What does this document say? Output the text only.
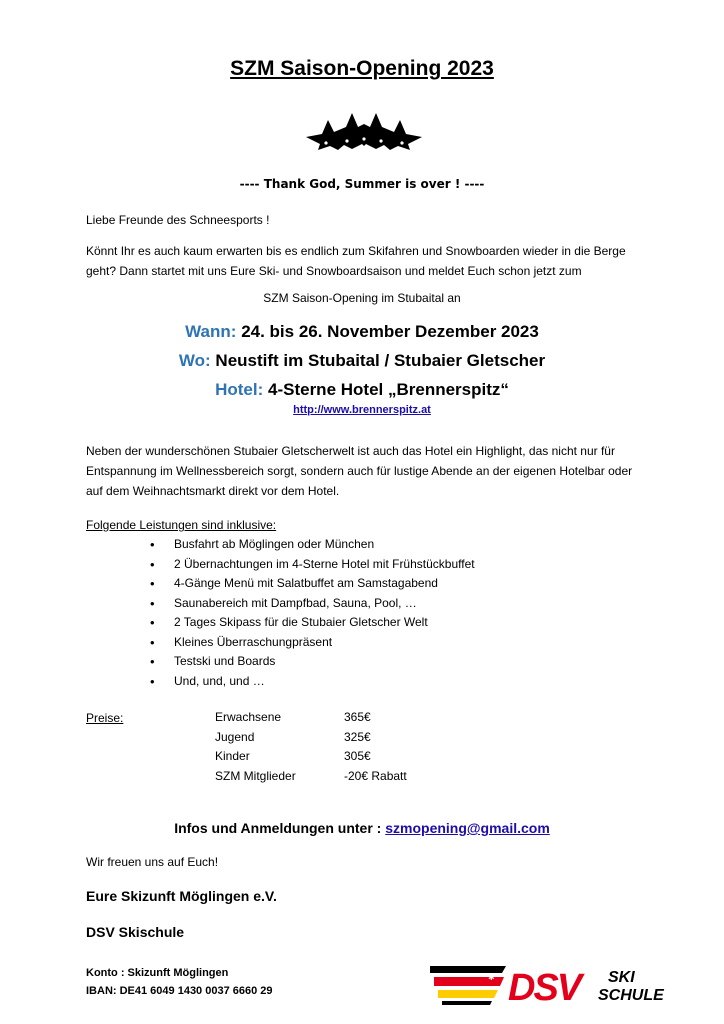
SZM Saison-Opening 2023
---- Thank God, Summer is over ! ----
Liebe Freunde des Schneesports !
Könnt Ihr es auch kaum erwarten bis es endlich zum Skifahren und Snowboarden wieder in die Berge geht? Dann startet mit uns Eure Ski- und Snowboardsaison und meldet Euch schon jetzt zum
SZM Saison-Opening im Stubaital an
Wann: 24. bis 26. November Dezember 2023
Wo: Neustift im Stubaital / Stubaier Gletscher
Hotel: 4-Sterne Hotel „Brennerspitz“
http://www.brennerspitz.at
Neben der wunderschönen Stubaier Gletscherwelt ist auch das Hotel ein Highlight, das nicht nur für Entspannung im Wellnessbereich sorgt, sondern auch für lustige Abende an der eigenen Hotelbar oder auf dem Weihnachtsmarkt direkt vor dem Hotel.
Folgende Leistungen sind inklusive:
• Busfahrt ab Möglingen oder München
• 2 Übernachtungen im 4-Sterne Hotel mit Frühstückbuffet
• 4-Gänge Menü mit Salatbuffet am Samstagabend
• Saunabereich mit Dampfbad, Sauna, Pool, …
• 2 Tages Skipass für die Stubaier Gletscher Welt
• Kleines Überraschungpräsent
• Testski und Boards
• Und, und, und …
Preise:	Erwachsene	365€
Jugend	325€
Kinder	305€
SZM Mitglieder	-20€ Rabatt
Infos und Anmeldungen unter : szmopening@gmail.com
Wir freuen uns auf Euch!
Eure Skizunft Möglingen e.V.
DSV Skischule
Konto : Skizunft Möglingen
IBAN: DE41 6049 1430 0037 6660 29
✱ DSV SKI
SCHULE
